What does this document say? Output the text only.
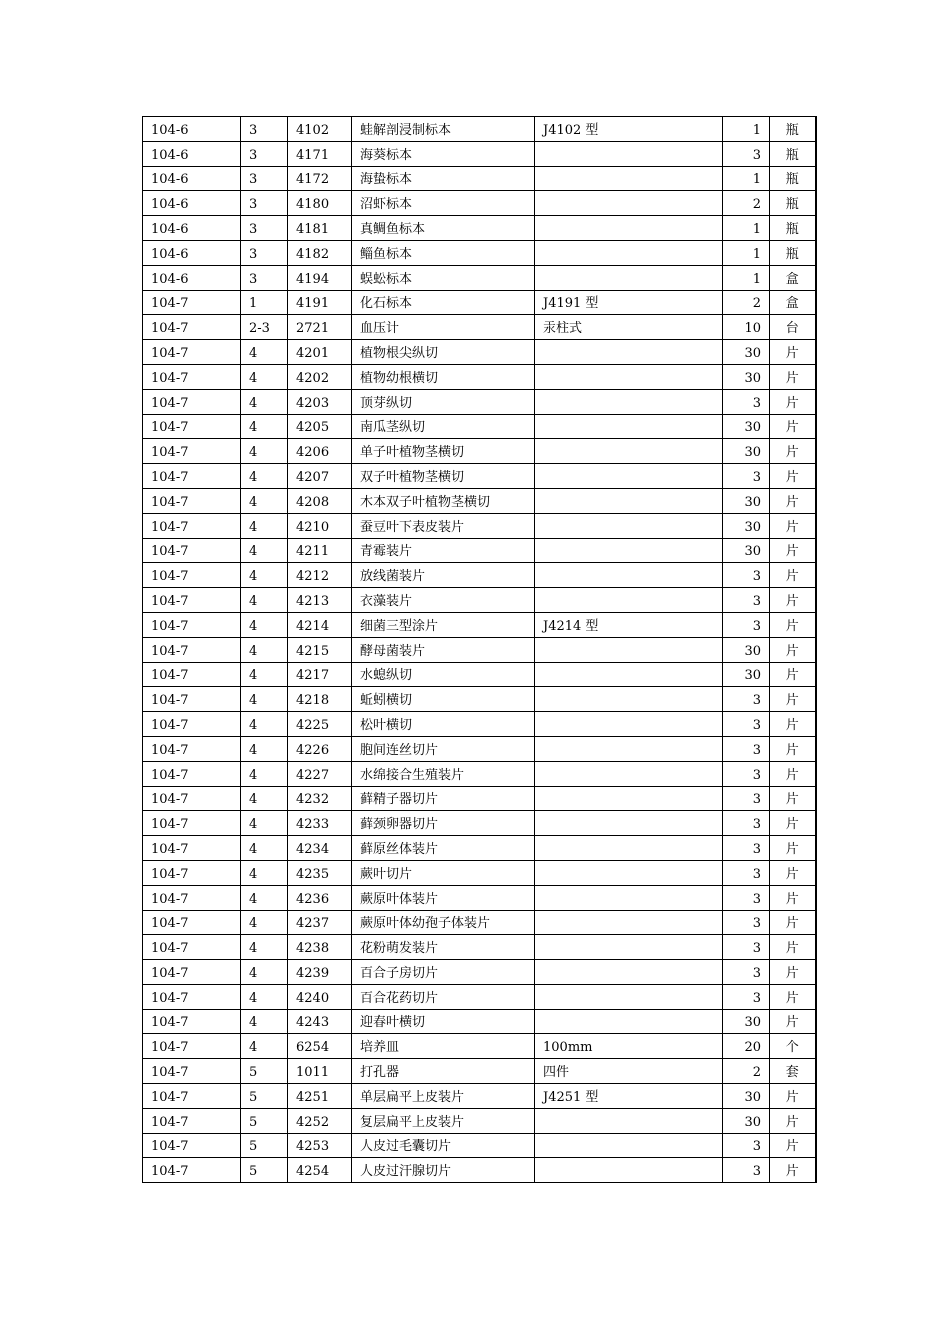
104-6	3	4102	蛙解剖浸制标本	J4102 型	1	瓶
104-6	3	4171	海葵标本		3	瓶
104-6	3	4172	海蛰标本		1	瓶
104-6	3	4180	沼虾标本		2	瓶
104-6	3	4181	真鲷鱼标本		1	瓶
104-6	3	4182	鲻鱼标本		1	瓶
104-6	3	4194	蜈蚣标本		1	盒
104-7	1	4191	化石标本	J4191 型	2	盒
104-7	2-3	2721	血压计	汞柱式	10	台
104-7	4	4201	植物根尖纵切		30	片
104-7	4	4202	植物幼根横切		30	片
104-7	4	4203	顶芽纵切		3	片
104-7	4	4205	南瓜茎纵切		30	片
104-7	4	4206	单子叶植物茎横切		30	片
104-7	4	4207	双子叶植物茎横切		3	片
104-7	4	4208	木本双子叶植物茎横切		30	片
104-7	4	4210	蚕豆叶下表皮装片		30	片
104-7	4	4211	青霉装片		30	片
104-7	4	4212	放线菌装片		3	片
104-7	4	4213	衣藻装片		3	片
104-7	4	4214	细菌三型涂片	J4214 型	3	片
104-7	4	4215	酵母菌装片		30	片
104-7	4	4217	水螅纵切		30	片
104-7	4	4218	蚯蚓横切		3	片
104-7	4	4225	松叶横切		3	片
104-7	4	4226	胞间连丝切片		3	片
104-7	4	4227	水绵接合生殖装片		3	片
104-7	4	4232	藓精子器切片		3	片
104-7	4	4233	藓颈卵器切片		3	片
104-7	4	4234	藓原丝体装片		3	片
104-7	4	4235	蕨叶切片		3	片
104-7	4	4236	蕨原叶体装片		3	片
104-7	4	4237	蕨原叶体幼孢子体装片		3	片
104-7	4	4238	花粉萌发装片		3	片
104-7	4	4239	百合子房切片		3	片
104-7	4	4240	百合花药切片		3	片
104-7	4	4243	迎春叶横切		30	片
104-7	4	6254	培养皿	100mm	20	个
104-7	5	1011	打孔器	四件	2	套
104-7	5	4251	单层扁平上皮装片	J4251 型	30	片
104-7	5	4252	复层扁平上皮装片		30	片
104-7	5	4253	人皮过毛囊切片		3	片
104-7	5	4254	人皮过汗腺切片		3	片
